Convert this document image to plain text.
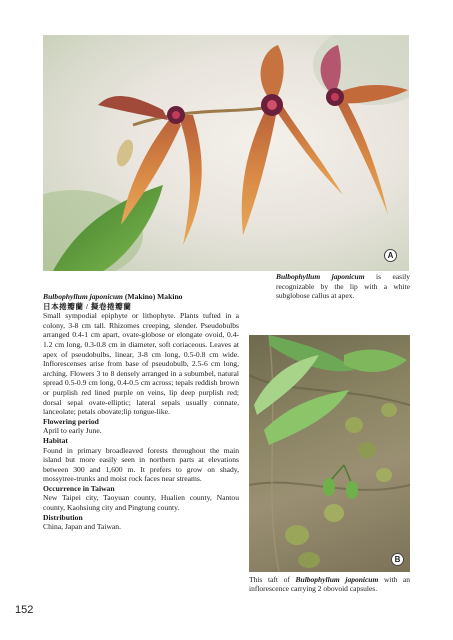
A

Bulbophyllum japonicum is easily recognizable by the lip with a white subglobose callus at apex.

Bulbophyllum japonicum (Makino) Makino

日本捲瓣蘭 / 擬卷捲瓣蘭

Small sympodial epiphyte or lithophyte. Plants tufted in a colony, 3-8 cm tall. Rhizomes creeping, slender. Pseudobulbs arranged 0.4-1 cm apart, ovate-globose or elongate ovoid, 0.4-1.2 cm long, 0.3-0.8 cm in diameter, soft coriaceous. Leaves at apex of pseudobulbs, linear, 3-8 cm long, 0.5-0.8 cm wide. Inflorescenses arise from base of pseudobulb, 2.5-6 cm long, arching. Flowers 3 to 8 densely arranged in a subumbel, natural spread 0.5-0.9 cm long, 0.4-0.5 cm across; tepals reddish brown or purplish red lined purple on veins, lip deep purplish red; dorsal sepal ovate-elliptic; lateral sepals usually connate, lanceolate; petals obovate;lip tongue-like.

Flowering period

April to early June.

Habitat

Found in primary broadleaved forests throughout the main island but more easily seen in northern parts at elevations between 300 and 1,600 m. It prefers to grow on shady, mossytree-trunks and moist rock faces near streams.

Occurrence in Taiwan

New Taipei city, Taoyuan county, Hualien county, Nantou county, Kaohsiung city and Pingtung county.

Distribution

China, Japan and Taiwan.

B

This taft of Bulbophyllum japonicum with an inflorescence carrying 2 obovoid capsules.

152
